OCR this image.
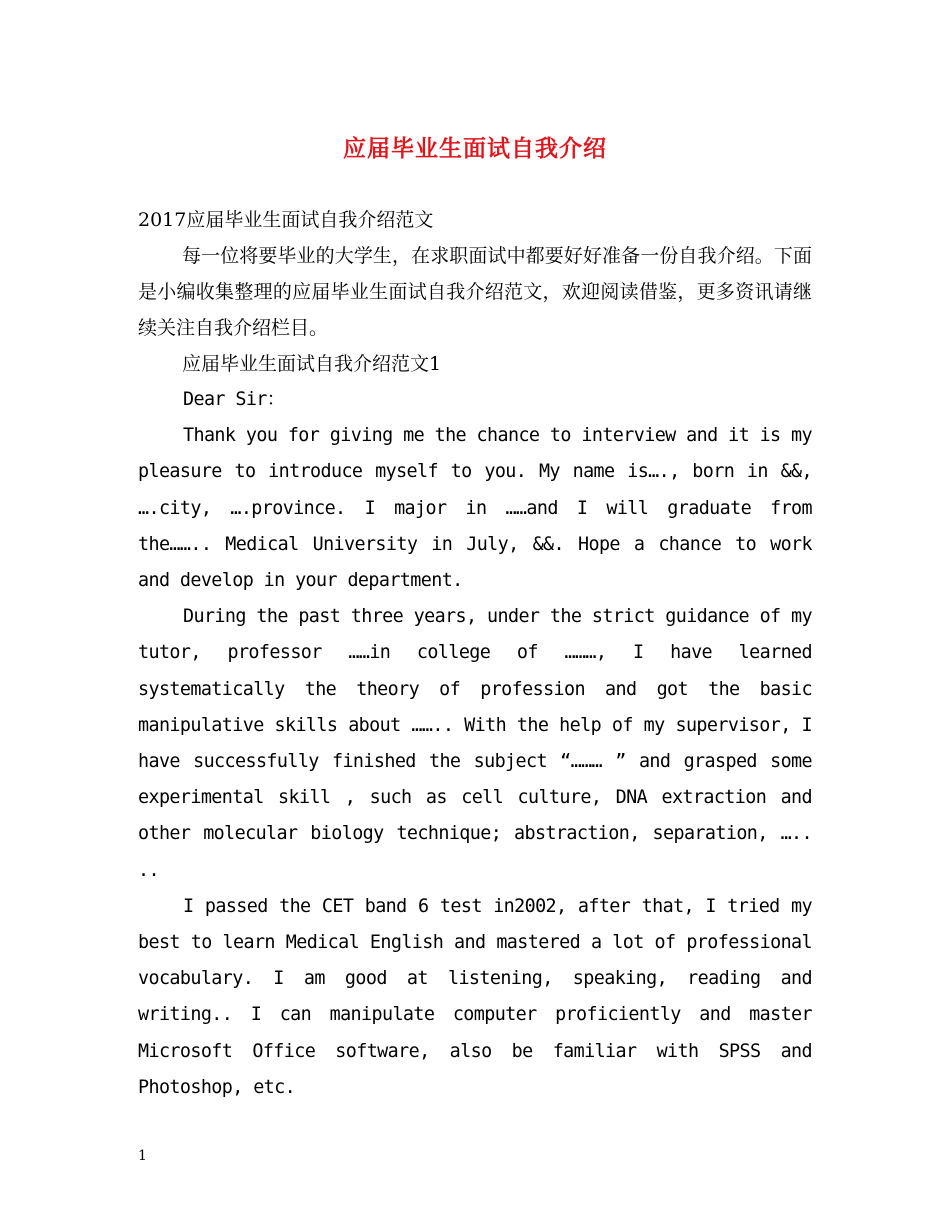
应届毕业生面试自我介绍
2017应届毕业生面试自我介绍范文
每一位将要毕业的大学生，在求职面试中都要好好准备一份自我介绍。下面是小编收集整理的应届毕业生面试自我介绍范文，欢迎阅读借鉴，更多资讯请继续关注自我介绍栏目。
应届毕业生面试自我介绍范文1
Dear Sir：

Thank you for giving me the chance to interview and it is my pleasure to introduce myself to you. My name is…., born in &&, ….city, ….province. I major in ……and I will graduate from the…….. Medical University in July, &&. Hope a chance to work and develop in your department.

During the past three years, under the strict guidance of my tutor, professor ……in college of ………, I have learned systematically the theory of profession and got the basic manipulative skills about …….. With the help of my supervisor, I have successfully finished the subject “……… ” and grasped some experimental skill , such as cell culture, DNA extraction and other molecular biology technique; abstraction, separation, ….. ..

I passed the CET band 6 test in2002, after that, I tried my best to learn Medical English and mastered a lot of professional vocabulary. I am good at listening, speaking, reading and writing.. I can manipulate computer proficiently and master Microsoft Office software, also be familiar with SPSS and Photoshop, etc.

1
